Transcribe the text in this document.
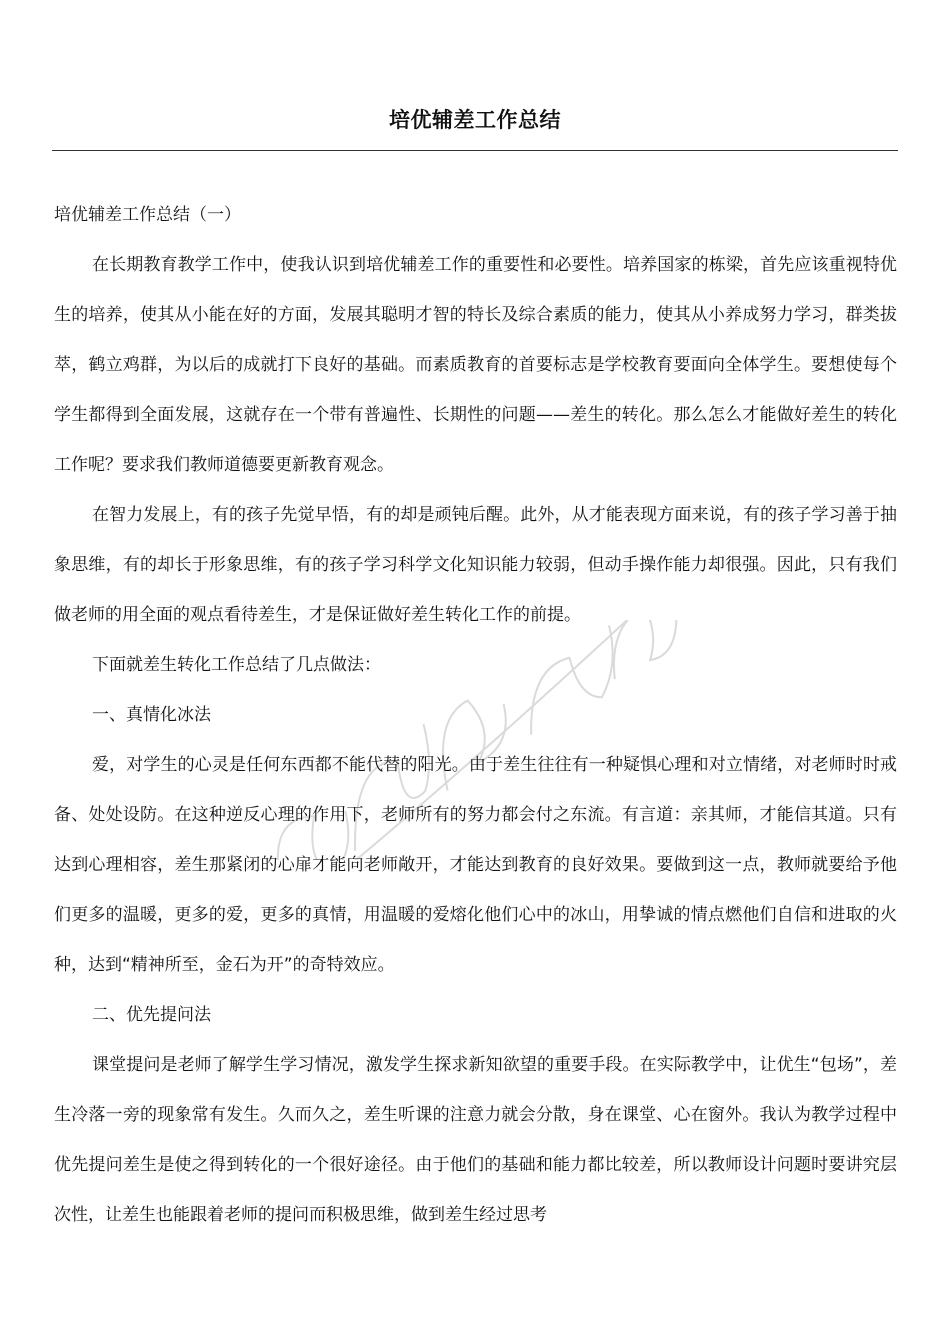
培优辅差工作总结

培优辅差工作总结（一）

在长期教育教学工作中，使我认识到培优辅差工作的重要性和必要性。培养国家的栋梁，首先应该重视特优生的培养，使其从小能在好的方面，发展其聪明才智的特长及综合素质的能力，使其从小养成努力学习，群类拔萃，鹤立鸡群，为以后的成就打下良好的基础。而素质教育的首要标志是学校教育要面向全体学生。要想使每个学生都得到全面发展，这就存在一个带有普遍性、长期性的问题——差生的转化。那么怎么才能做好差生的转化工作呢？要求我们教师道德要更新教育观念。

在智力发展上，有的孩子先觉早悟，有的却是顽钝后醒。此外，从才能表现方面来说，有的孩子学习善于抽象思维，有的却长于形象思维，有的孩子学习科学文化知识能力较弱，但动手操作能力却很强。因此，只有我们做老师的用全面的观点看待差生，才是保证做好差生转化工作的前提。

下面就差生转化工作总结了几点做法：

一、真情化冰法

爱，对学生的心灵是任何东西都不能代替的阳光。由于差生往往有一种疑惧心理和对立情绪，对老师时时戒备、处处设防。在这种逆反心理的作用下，老师所有的努力都会付之东流。有言道：亲其师，才能信其道。只有达到心理相容，差生那紧闭的心扉才能向老师敞开，才能达到教育的良好效果。要做到这一点，教师就要给予他们更多的温暖，更多的爱，更多的真情，用温暖的爱熔化他们心中的冰山，用挚诚的情点燃他们自信和进取的火种，达到“精神所至，金石为开”的奇特效应。

二、优先提问法

课堂提问是老师了解学生学习情况，激发学生探求新知欲望的重要手段。在实际教学中，让优生“包场”，差生冷落一旁的现象常有发生。久而久之，差生听课的注意力就会分散，身在课堂、心在窗外。我认为教学过程中优先提问差生是使之得到转化的一个很好途径。由于他们的基础和能力都比较差，所以教师设计问题时要讲究层次性，让差生也能跟着老师的提问而积极思维，做到差生经过思考
